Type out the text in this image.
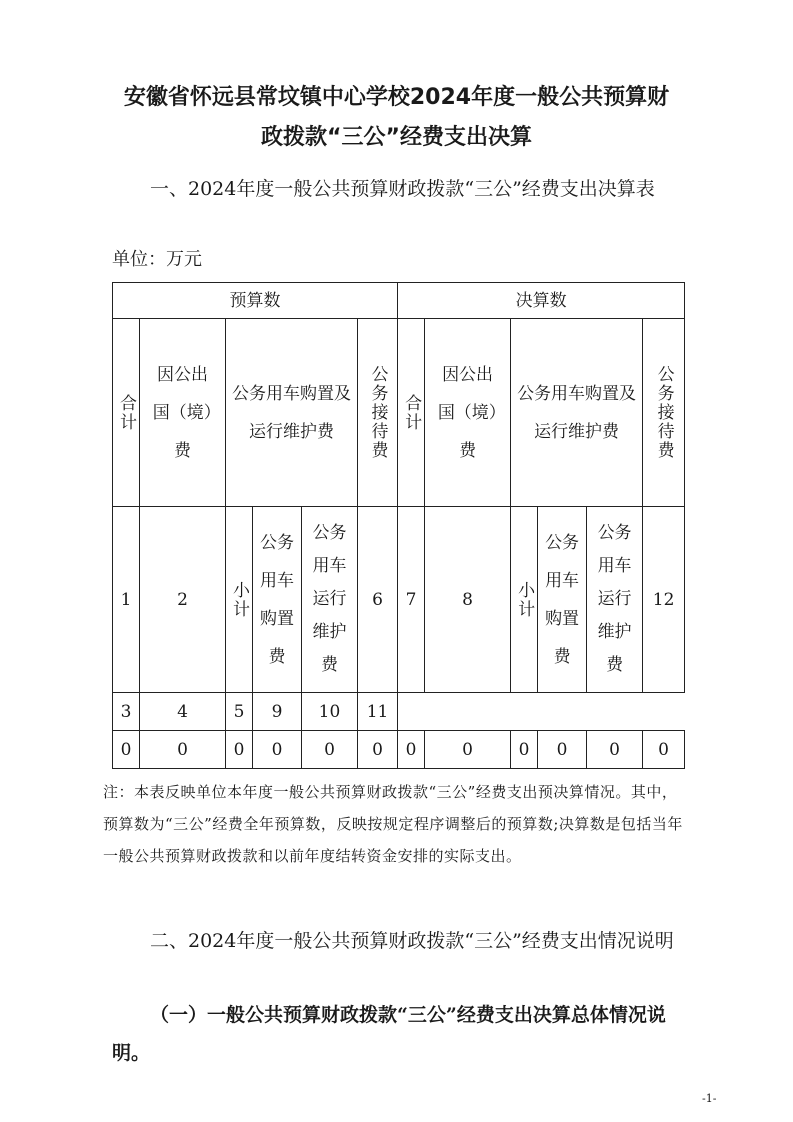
安徽省怀远县常坟镇中心学校2024年度一般公共预算财
政拨款“三公”经费支出决算

一、2024年度一般公共预算财政拨款“三公”经费支出决算表

单位：万元
预算数						决算数					
合计	因公出国（境）费	公务用车购置及运行维护费			公务接待费	合计	因公出国（境）费	公务用车购置及运行维护费			公务接待费
1	2	小计	公务用车购置费	公务用车运行维护费	6	7	8	小计	公务用车购置费	公务用车运行维护费	12
3	4	5	9	10	11						
0	0	0	0	0	0	0	0	0	0	0	0

注：本表反映单位本年度一般公共预算财政拨款“三公”经费支出预决算情况。其中，预算数为“三公”经费全年预算数，反映按规定程序调整后的预算数;决算数是包括当年一般公共预算财政拨款和以前年度结转资金安排的实际支出。

二、2024年度一般公共预算财政拨款“三公”经费支出情况说明

（一）一般公共预算财政拨款“三公”经费支出决算总体情况说明。

-1-
